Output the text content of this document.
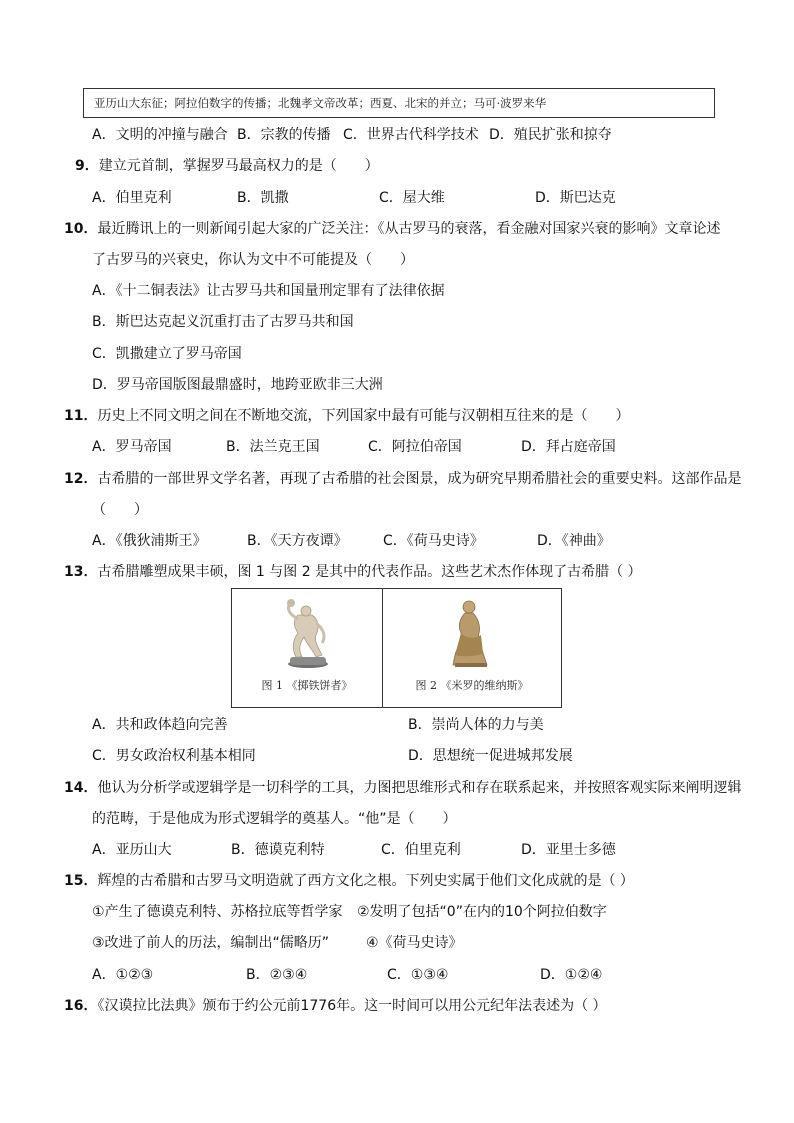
亚历山大东征；阿拉伯数字的传播；北魏孝文帝改革；西夏、北宋的并立；马可·波罗来华
A．文明的冲撞与融合 B．宗教的传播 C．世界古代科学技术 D．殖民扩张和掠夺
9．建立元首制，掌握罗马最高权力的是（　　）
A．伯里克利	B．凯撒	C．屋大维	D．斯巴达克
10．最近腾讯上的一则新闻引起大家的广泛关注：《从古罗马的衰落，看金融对国家兴衰的影响》文章论述
了古罗马的兴衰史，你认为文中不可能提及（　　）
A．《十二铜表法》让古罗马共和国量刑定罪有了法律依据
B．斯巴达克起义沉重打击了古罗马共和国
C．凯撒建立了罗马帝国
D．罗马帝国版图最鼎盛时，地跨亚欧非三大洲
11．历史上不同文明之间在不断地交流，下列国家中最有可能与汉朝相互往来的是（　　）
A．罗马帝国	B．法兰克王国	C．阿拉伯帝国	D．拜占庭帝国
12．古希腊的一部世界文学名著，再现了古希腊的社会图景，成为研究早期希腊社会的重要史料。这部作品是
（　　）
A．《俄狄浦斯王》	B．《天方夜谭》	C．《荷马史诗》	D．《神曲》
13．古希腊雕塑成果丰硕，图 1 与图 2 是其中的代表作品。这些艺术杰作体现了古希腊（ ）
图 1 《掷铁饼者》	图 2 《米罗的维纳斯》
A．共和政体趋向完善	B．崇尚人体的力与美
C．男女政治权利基本相同	D．思想统一促进城邦发展
14．他认为分析学或逻辑学是一切科学的工具，力图把思维形式和存在联系起来，并按照客观实际来阐明逻辑
的范畴，于是他成为形式逻辑学的奠基人。“他”是（　　）
A．亚历山大	B．德谟克利特	C．伯里克利	D．亚里士多德
15．辉煌的古希腊和古罗马文明造就了西方文化之根。下列史实属于他们文化成就的是（ ）
①产生了德谟克利特、苏格拉底等哲学家 ②发明了包括“0”在内的10个阿拉伯数字
③改进了前人的历法，编制出“儒略历”	④《荷马史诗》
A．①②③	B．②③④	C．①③④	D．①②④
16．《汉谟拉比法典》颁布于约公元前1776年。这一时间可以用公元纪年法表述为（ ）
